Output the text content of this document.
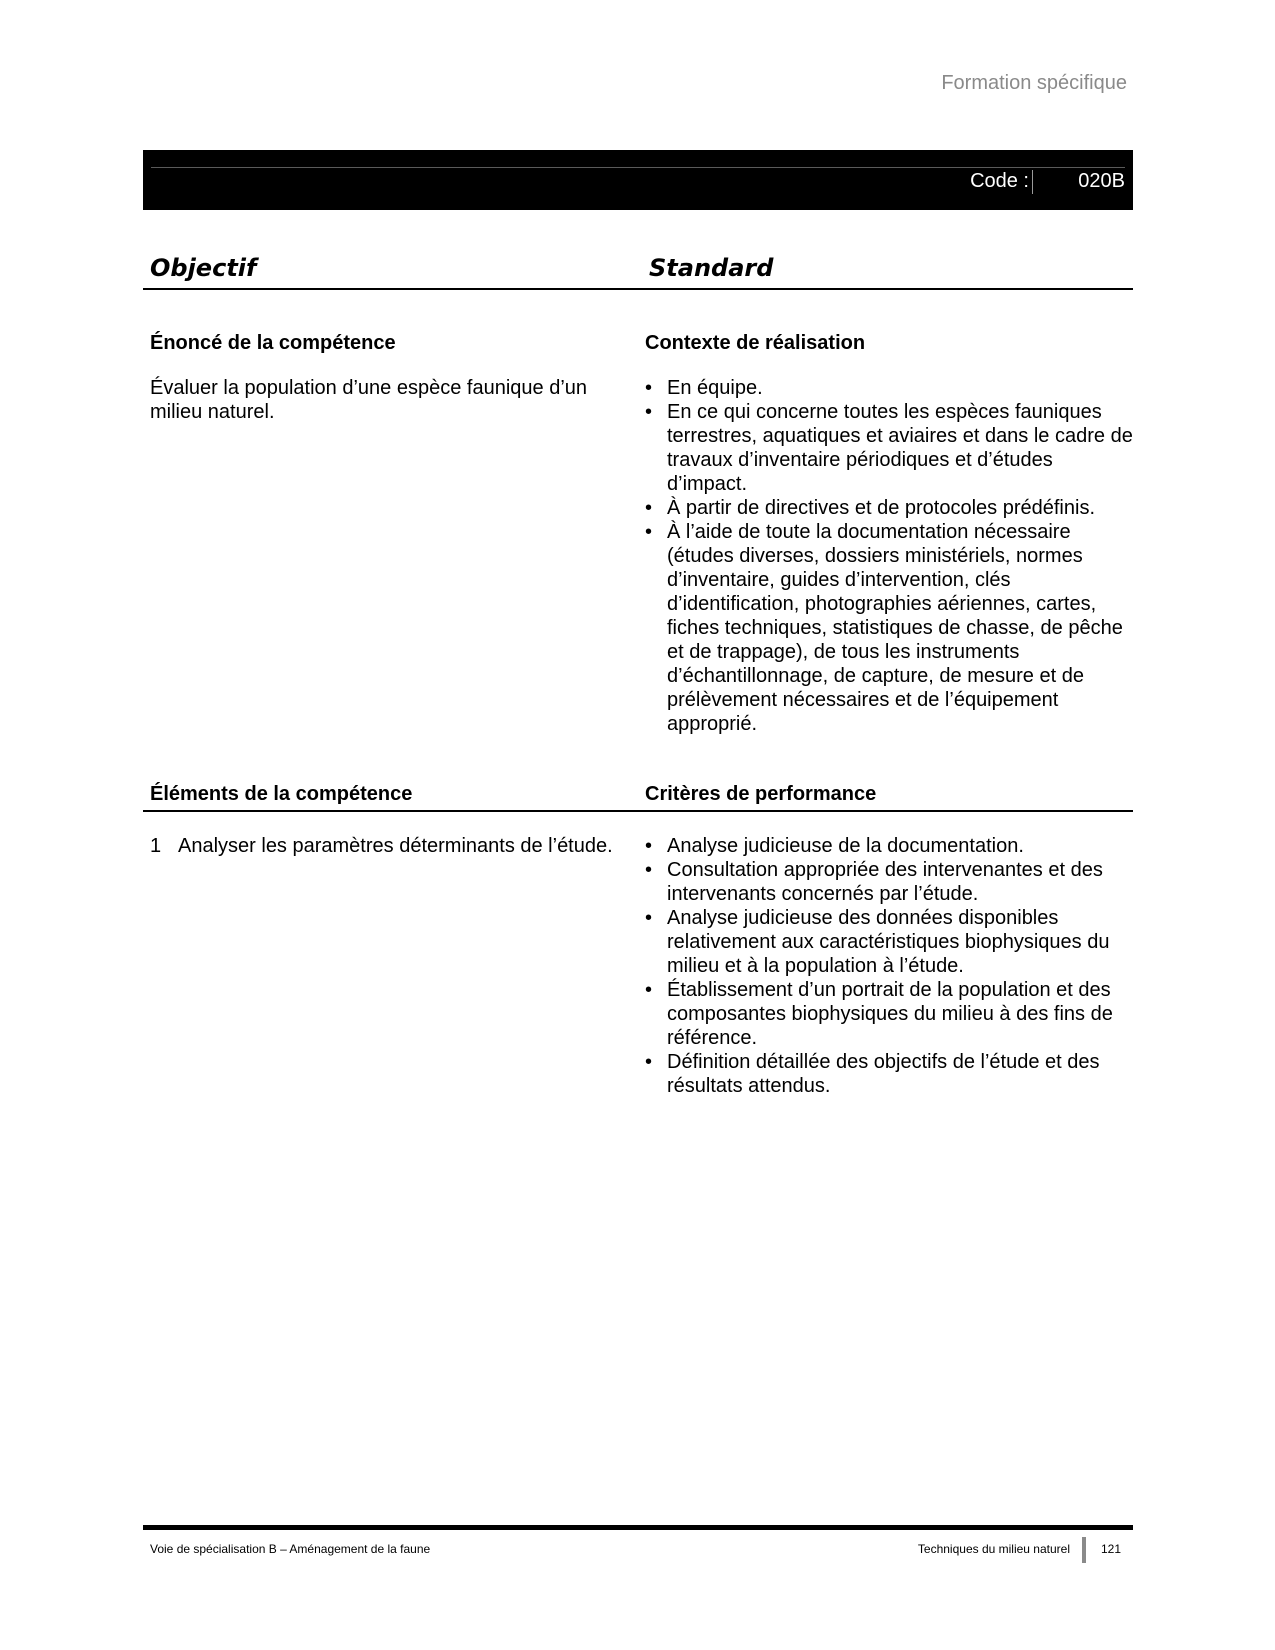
Formation spécifique
Code : 020B
Objectif	Standard
Énoncé de la compétence	Contexte de réalisation
Évaluer la population d’une espèce faunique d’un milieu naturel.
• En équipe.
• En ce qui concerne toutes les espèces fauniques terrestres, aquatiques et aviaires et dans le cadre de travaux d’inventaire périodiques et d’études d’impact.
• À partir de directives et de protocoles prédéfinis.
• À l’aide de toute la documentation nécessaire (études diverses, dossiers ministériels, normes d’inventaire, guides d’intervention, clés d’identification, photographies aériennes, cartes, fiches techniques, statistiques de chasse, de pêche et de trappage), de tous les instruments d’échantillonnage, de capture, de mesure et de prélèvement nécessaires et de l’équipement approprié.
Éléments de la compétence	Critères de performance
1 Analyser les paramètres déterminants de l’étude.
•	Analyse judicieuse de la documentation.
• Consultation appropriée des intervenantes et des intervenants concernés par l’étude.
• Analyse judicieuse des données disponibles relativement aux caractéristiques biophysiques du milieu et à la population à l’étude.
• Établissement d’un portrait de la population et des composantes biophysiques du milieu à des fins de référence.
• Définition détaillée des objectifs de l’étude et des résultats attendus.
Voie de spécialisation B – Aménagement de la faune	Techniques du milieu naturel	121
